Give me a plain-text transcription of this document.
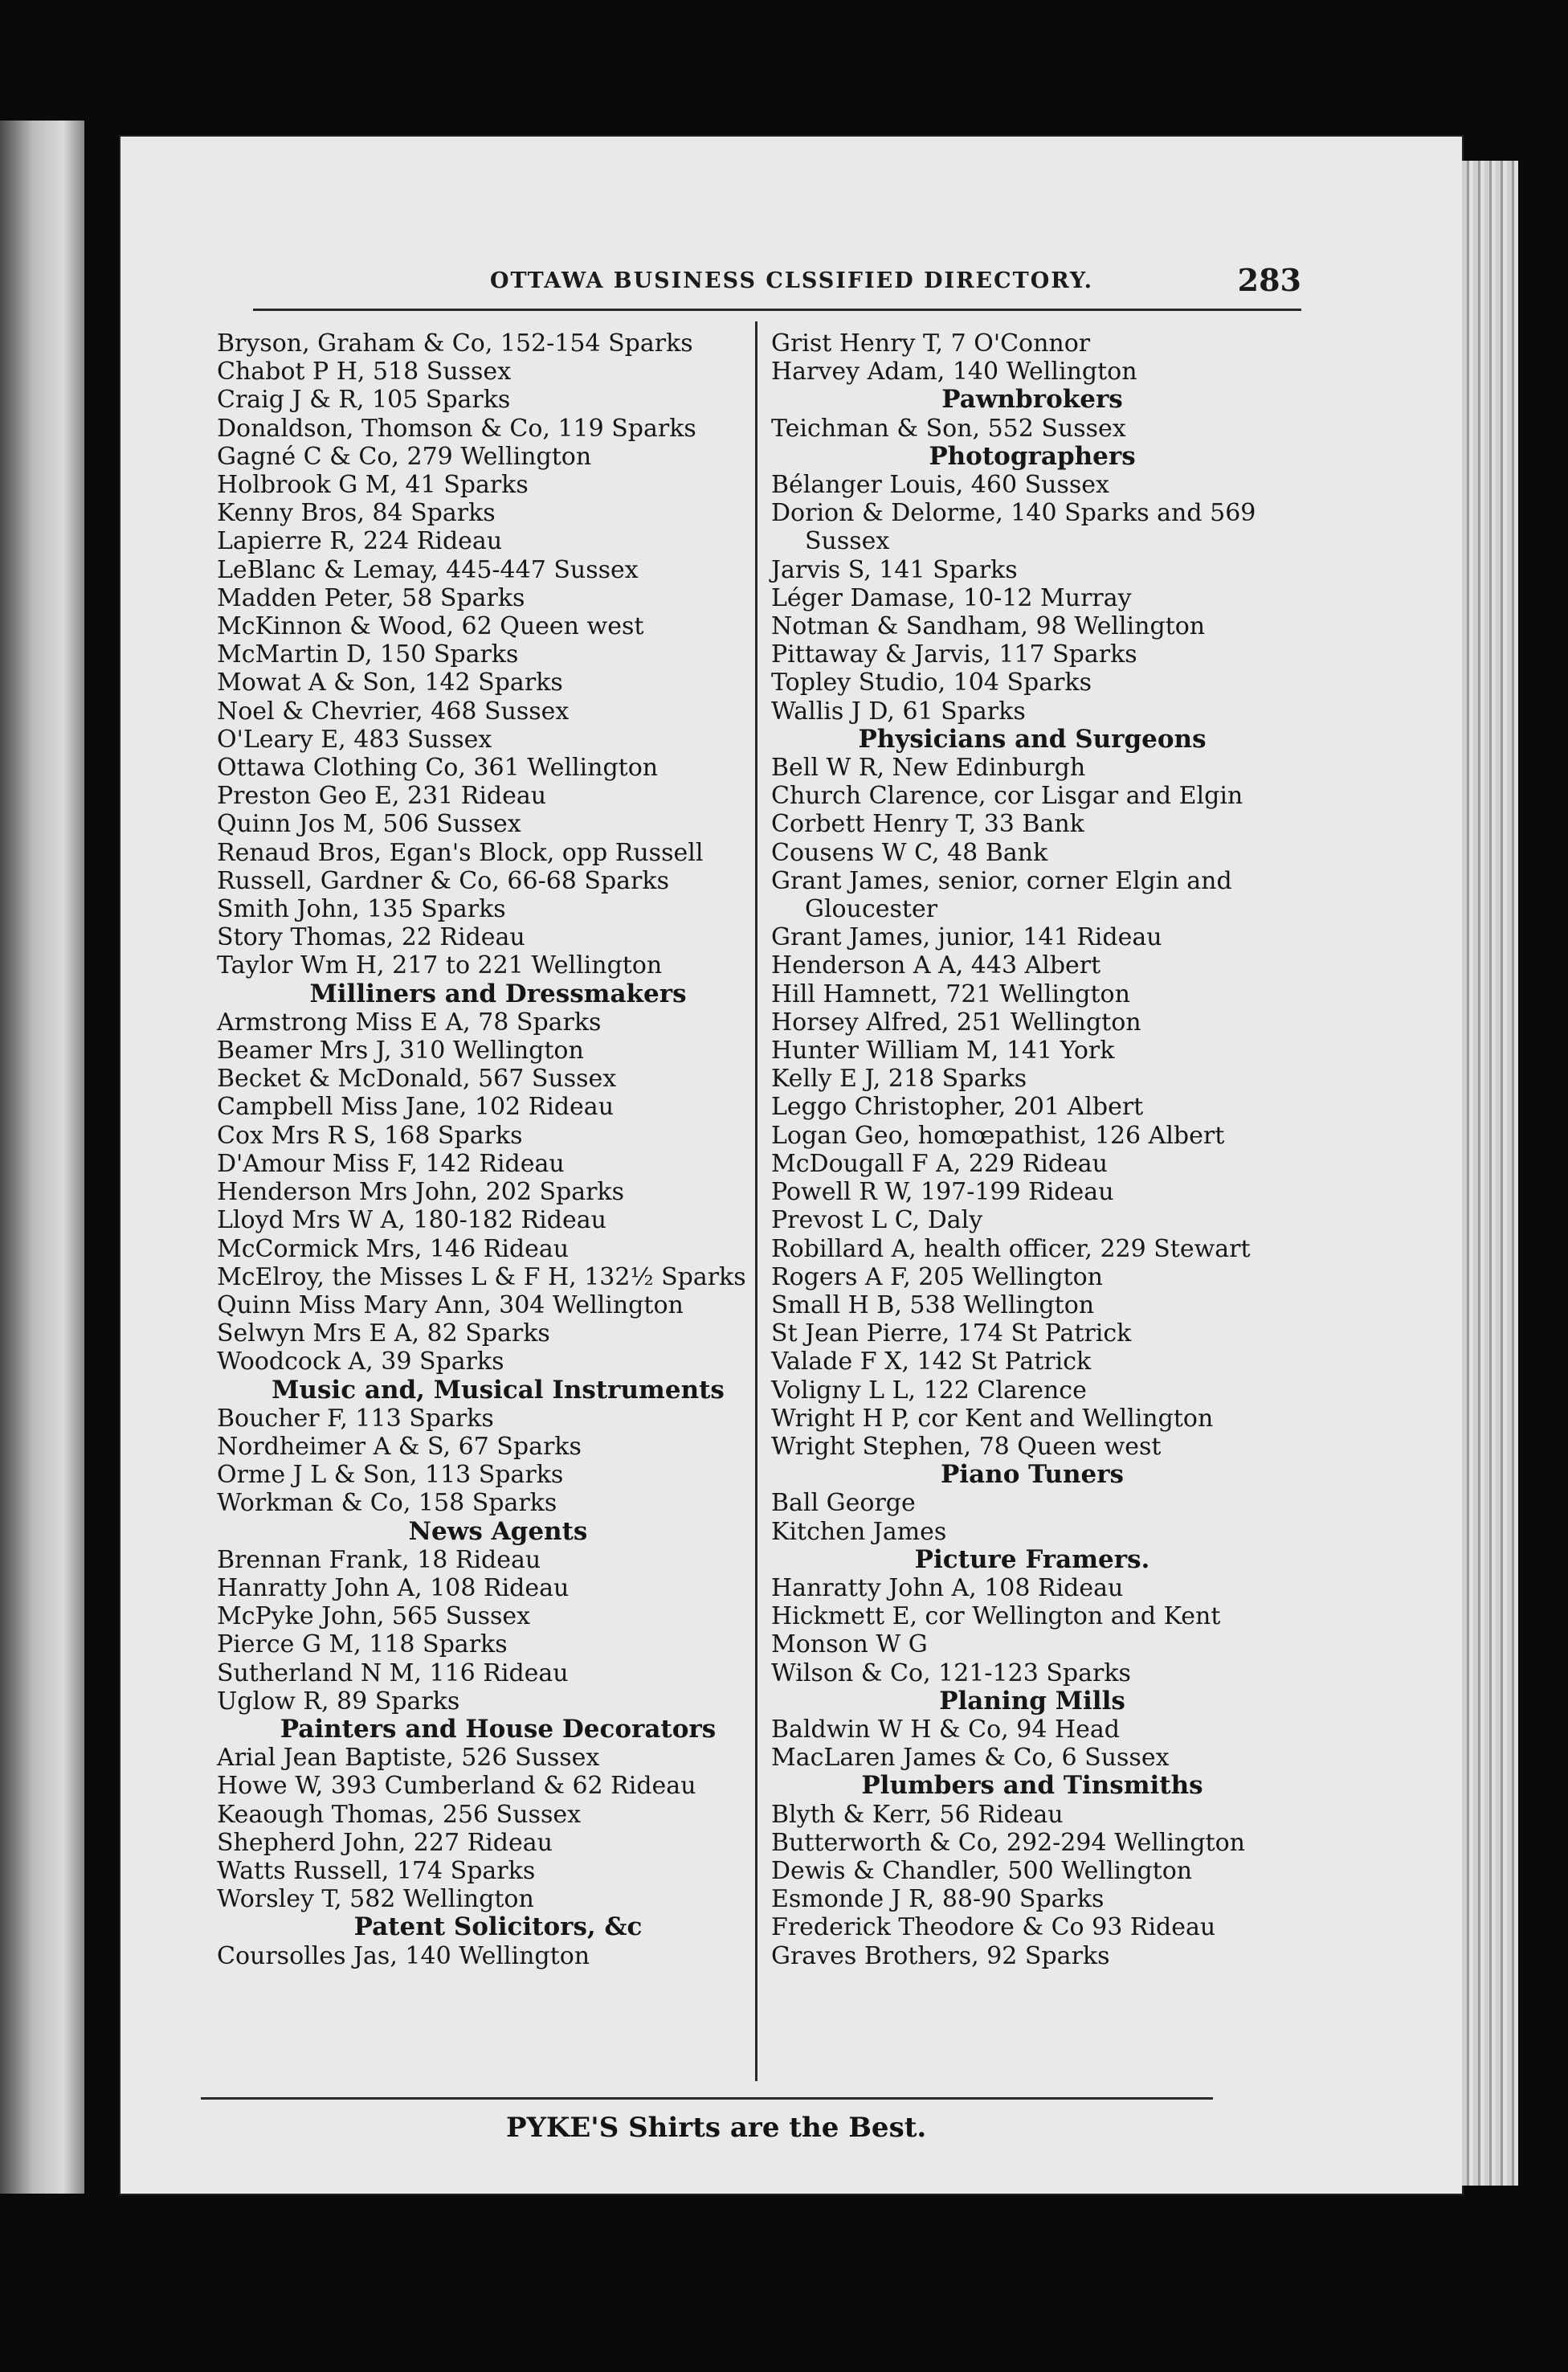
OTTAWA BUSINESS CLSSIFIED DIRECTORY.	283
Bryson, Graham & Co, 152-154 Sparks
Chabot P H, 518 Sussex
Craig J & R, 105 Sparks
Donaldson, Thomson & Co, 119 Sparks
Gagné C & Co, 279 Wellington
Holbrook G M, 41 Sparks
Kenny Bros, 84 Sparks
Lapierre R, 224 Rideau
LeBlanc & Lemay, 445-447 Sussex
Madden Peter, 58 Sparks
McKinnon & Wood, 62 Queen west
McMartin D, 150 Sparks
Mowat A & Son, 142 Sparks
Noel & Chevrier, 468 Sussex
O'Leary E, 483 Sussex
Ottawa Clothing Co, 361 Wellington
Preston Geo E, 231 Rideau
Quinn Jos M, 506 Sussex
Renaud Bros, Egan's Block, opp Russell
Russell, Gardner & Co, 66-68 Sparks
Smith John, 135 Sparks
Story Thomas, 22 Rideau
Taylor Wm H, 217 to 221 Wellington
Milliners and Dressmakers
Armstrong Miss E A, 78 Sparks
Beamer Mrs J, 310 Wellington
Becket & McDonald, 567 Sussex
Campbell Miss Jane, 102 Rideau
Cox Mrs R S, 168 Sparks
D'Amour Miss F, 142 Rideau
Henderson Mrs John, 202 Sparks
Lloyd Mrs W A, 180-182 Rideau
McCormick Mrs, 146 Rideau
McElroy, the Misses L & F H, 132½ Sparks
Quinn Miss Mary Ann, 304 Wellington
Selwyn Mrs E A, 82 Sparks
Woodcock A, 39 Sparks
Music and, Musical Instruments
Boucher F, 113 Sparks
Nordheimer A & S, 67 Sparks
Orme J L & Son, 113 Sparks
Workman & Co, 158 Sparks
News Agents
Brennan Frank, 18 Rideau
Hanratty John A, 108 Rideau
McPyke John, 565 Sussex
Pierce G M, 118 Sparks
Sutherland N M, 116 Rideau
Uglow R, 89 Sparks
Painters and House Decorators
Arial Jean Baptiste, 526 Sussex
Howe W, 393 Cumberland & 62 Rideau
Keaough Thomas, 256 Sussex
Shepherd John, 227 Rideau
Watts Russell, 174 Sparks
Worsley T, 582 Wellington
Patent Solicitors, &c
Coursolles Jas, 140 Wellington
Grist Henry T, 7 O'Connor
Harvey Adam, 140 Wellington
Pawnbrokers
Teichman & Son, 552 Sussex
Photographers
Bélanger Louis, 460 Sussex
Dorion & Delorme, 140 Sparks and 569 Sussex
Jarvis S, 141 Sparks
Léger Damase, 10-12 Murray
Notman & Sandham, 98 Wellington
Pittaway & Jarvis, 117 Sparks
Topley Studio, 104 Sparks
Wallis J D, 61 Sparks
Physicians and Surgeons
Bell W R, New Edinburgh
Church Clarence, cor Lisgar and Elgin
Corbett Henry T, 33 Bank
Cousens W C, 48 Bank
Grant James, senior, corner Elgin and Gloucester
Grant James, junior, 141 Rideau
Henderson A A, 443 Albert
Hill Hamnett, 721 Wellington
Horsey Alfred, 251 Wellington
Hunter William M, 141 York
Kelly E J, 218 Sparks
Leggo Christopher, 201 Albert
Logan Geo, homœpathist, 126 Albert
McDougall F A, 229 Rideau
Powell R W, 197-199 Rideau
Prevost L C, Daly
Robillard A, health officer, 229 Stewart
Rogers A F, 205 Wellington
Small H B, 538 Wellington
St Jean Pierre, 174 St Patrick
Valade F X, 142 St Patrick
Voligny L L, 122 Clarence
Wright H P, cor Kent and Wellington
Wright Stephen, 78 Queen west
Piano Tuners
Ball George
Kitchen James
Picture Framers.
Hanratty John A, 108 Rideau
Hickmett E, cor Wellington and Kent
Monson W G
Wilson & Co, 121-123 Sparks
Planing Mills
Baldwin W H & Co, 94 Head
MacLaren James & Co, 6 Sussex
Plumbers and Tinsmiths
Blyth & Kerr, 56 Rideau
Butterworth & Co, 292-294 Wellington
Dewis & Chandler, 500 Wellington
Esmonde J R, 88-90 Sparks
Frederick Theodore & Co 93 Rideau
Graves Brothers, 92 Sparks
PYKE'S Shirts are the Best.
